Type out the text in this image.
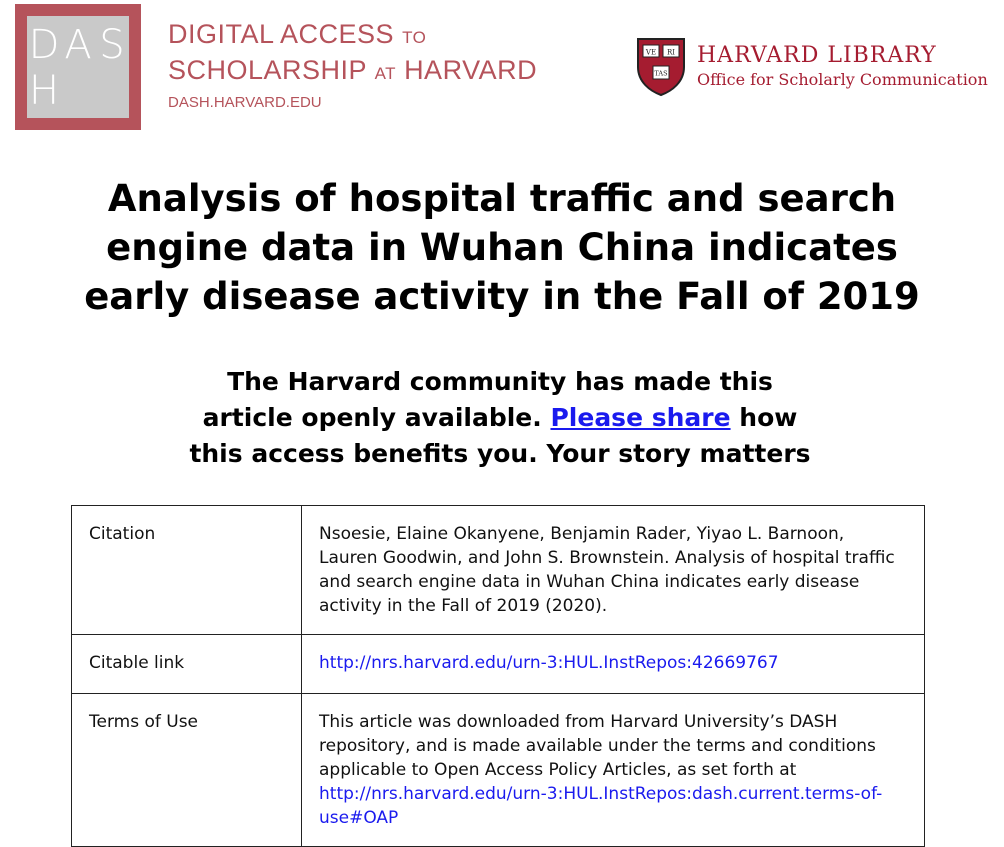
D A S
H
DIGITAL ACCESS TO
SCHOLARSHIP AT HARVARD
DASH.HARVARD.EDU
VE RI
TAS
HARVARD LIBRARY
Office for Scholarly Communication
Analysis of hospital traffic and search
engine data in Wuhan China indicates
early disease activity in the Fall of 2019
The Harvard community has made this
article openly available. Please share how
this access benefits you. Your story matters
Citation	Nsoesie, Elaine Okanyene, Benjamin Rader, Yiyao L. Barnoon, Lauren Goodwin, and John S. Brownstein. Analysis of hospital traffic and search engine data in Wuhan China indicates early disease activity in the Fall of 2019 (2020).
Citable link	http://nrs.harvard.edu/urn-3:HUL.InstRepos:42669767
Terms of Use	This article was downloaded from Harvard University’s DASH repository, and is made available under the terms and conditions applicable to Open Access Policy Articles, as set forth at http://nrs.harvard.edu/urn-3:HUL.InstRepos:dash.current.terms-of-use#OAP
